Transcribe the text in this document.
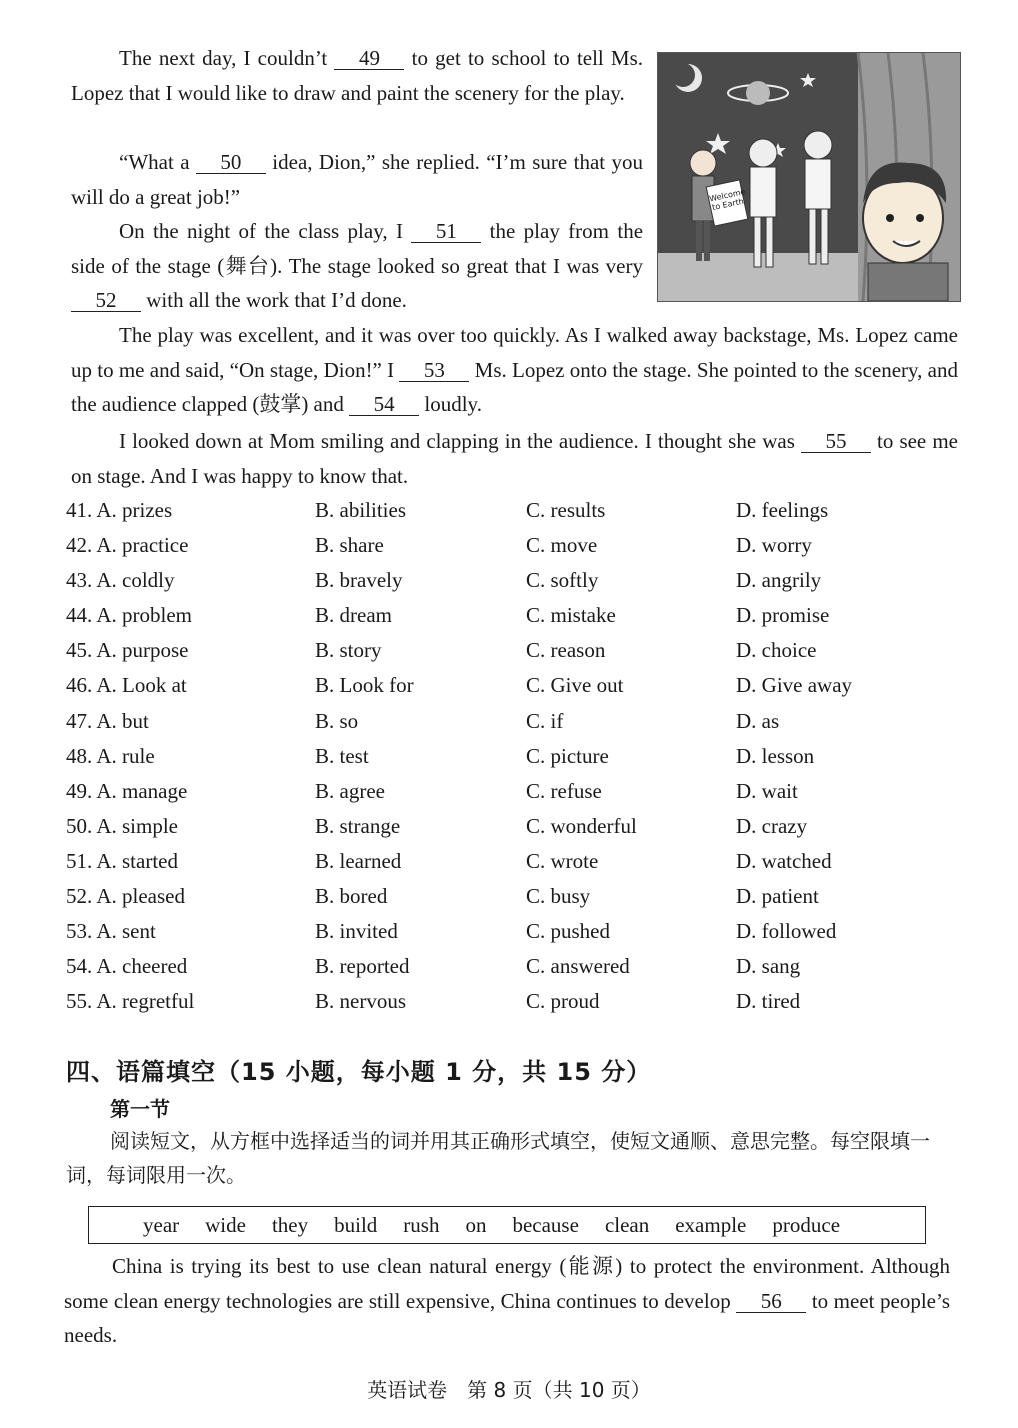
The next day, I couldn’t 49 to get to school to tell Ms. Lopez that I would like to draw and paint the scenery for the play.
“What a 50 idea, Dion,” she replied. “I’m sure that you will do a great job!”
On the night of the class play, I 51 the play from the side of the stage (舞台). The stage looked so great that I was very 52 with all the work that I’d done.
The play was excellent, and it was over too quickly. As I walked away backstage, Ms. Lopez came up to me and said, “On stage, Dion!” I 53 Ms. Lopez onto the stage. She pointed to the scenery, and the audience clapped (鼓掌) and 54 loudly.
I looked down at Mom smiling and clapping in the audience. I thought she was 55 to see me on stage. And I was happy to know that.
Welcome to Earth
41. A. prizes	B. abilities	C. results	D. feelings
42. A. practice	B. share	C. move	D. worry
43. A. coldly	B. bravely	C. softly	D. angrily
44. A. problem	B. dream	C. mistake	D. promise
45. A. purpose	B. story	C. reason	D. choice
46. A. Look at	B. Look for	C. Give out	D. Give away
47. A. but	B. so	C. if	D. as
48. A. rule	B. test	C. picture	D. lesson
49. A. manage	B. agree	C. refuse	D. wait
50. A. simple	B. strange	C. wonderful	D. crazy
51. A. started	B. learned	C. wrote	D. watched
52. A. pleased	B. bored	C. busy	D. patient
53. A. sent	B. invited	C. pushed	D. followed
54. A. cheered	B. reported	C. answered	D. sang
55. A. regretful	B. nervous	C. proud	D. tired
四、语篇填空（15 小题，每小题 1 分，共 15 分）
第一节
阅读短文，从方框中选择适当的词并用其正确形式填空，使短文通顺、意思完整。每空限填一词，每词限用一次。
year wide they build rush on because clean example produce
China is trying its best to use clean natural energy (能源) to protect the environment. Although some clean energy technologies are still expensive, China continues to develop 56 to meet people’s needs.
英语试卷　第 8 页（共 10 页）
